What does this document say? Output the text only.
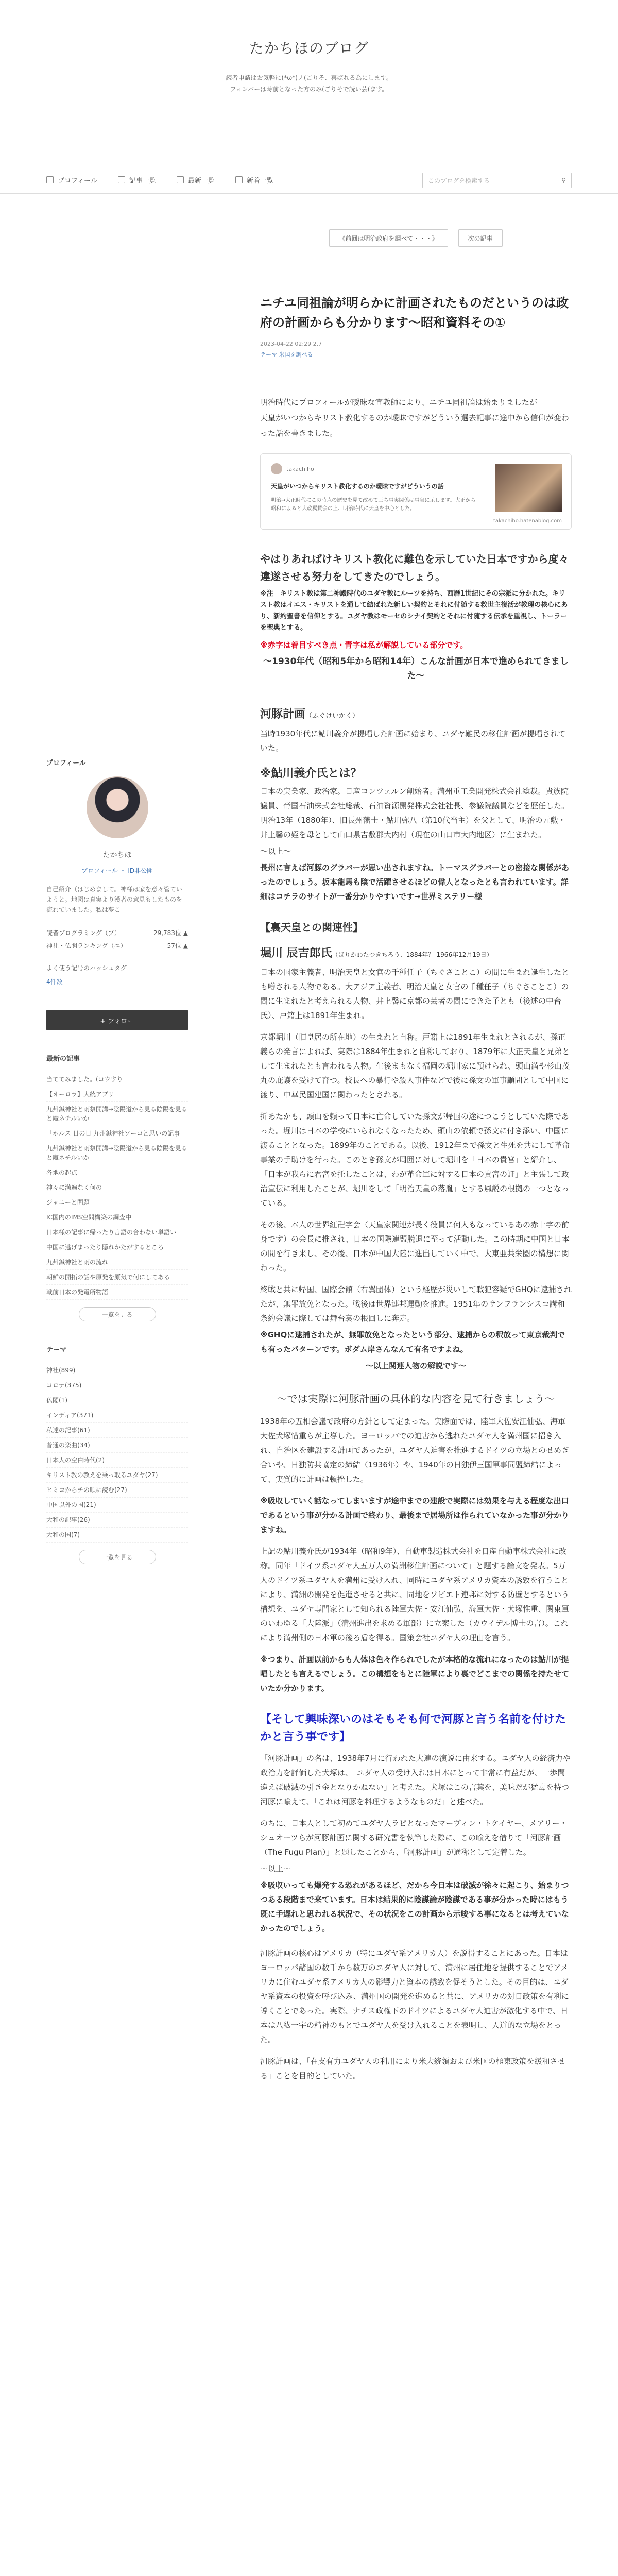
たかちほのブログ
読者申請はお気軽に(*ω*)ノ(ごりそ、喜ばれる為にします。
フォンバーは時前となった方のみ(ごりそで読い芸(ます。
プロフィール	記事一覧	最新一覧	新着一覧	このブログを検索する	⚲
《前回は明治政府を調べて・・・》	次の記事
ニチユ同祖論が明らかに計画されたものだというのは政府の計画からも分かります〜昭和資料その①
2023-04-22 02:29 2.7
テーマ 米国を調べる

明治時代にプロフィールが曖昧な宣教師により、ニチユ同祖論は始まりましたが

天皇がいつからキリスト教化するのか曖昧ですがどういう選去記事に途中から信仰が変わった話を書きました。

takachiho
天皇がいつからキリスト教化するのか曖昧ですがどういうの話
明治→大正時代にこの時点の歴史を見て改めて三ち事実関係は事実に示します。大正から昭和によると大政翼賛会の上、明治時代に天皇を中心とした。
takachiho.hatenablog.com
やはりあればけキリスト教化に難色を示していた日本ですから度々違遂させる努力をしてきたのでしょう。

※注　キリスト教は第二神殿時代のユダヤ教にルーツを持ち、西暦1世紀にその宗派に分かれた。キリスト教はイエス・キリストを通して結ばれた新しい契約とそれに付随する救世主復活が教理の核心にあり、新約聖書を信仰とする。ユダヤ教はモーセのシナイ契約とそれに付随する伝承を重視し、トーラーを聖典とする。

※赤字は着目すべき点・青字は私が解説している部分です。

〜1930年代（昭和5年から昭和14年）こんな計画が日本で進められてきました〜

河豚計画（ふぐけいかく）

当時1930年代に鮎川義介が提唱した計画に始まり、ユダヤ難民の移住計画が提唱されていた。

※鮎川義介氏とは？

日本の実業家、政治家。日産コンツェルン創始者。満州重工業開発株式会社総裁。貴族院議員、帝国石油株式会社総裁、石油資源開発株式会社社長、参議院議員などを歴任した。明治13年（1880年）、旧長州藩士・鮎川弥八（第10代当主）を父として、明治の元勲・井上馨の姪を母として山口県吉敷郡大内村（現在の山口市大内地区）に生まれた。

〜以上〜

長州に言えば河豚のグラバーが思い出されますね。トーマスグラバーとの密接な関係があったのでしょう。坂本龍馬も陰で活躍させるほどの偉人となったとも言われています。詳細はコチラのサイトが一番分かりやすいです→世界ミステリー様

【裏天皇との関連性】
堀川 辰吉郎氏（ほりかわたつきちろう、1884年？-1966年12月19日）

日本の国家主義者、明治天皇と女官の千種任子（ちぐさことこ）の間に生まれ誕生したとも噂される人物である。大アジア主義者、明治天皇と女官の千種任子（ちぐさことこ）の間に生まれたと考えられる人物、井上馨に京都の芸者の間にできた子とも（後述の中台氏）、戸籍上は1891年生まれ。

京都堀川（旧皇居の所在地）の生まれと自称。戸籍上は1891年生まれとされるが、孫正義らの発言によれば、実際は1884年生まれと自称しており、1879年に大正天皇と兄弟として生まれたとも言われる人物。生後まもなく福岡の堀川家に預けられ、頭山満や杉山茂丸の庇護を受けて育つ。校長への暴行や殺人事件などで後に孫文の軍事顧問として中国に渡り、中華民国建国に関わったとされる。

折あたかも、頭山を頼って日本に亡命していた孫文が帰国の途につこうとしていた際であった。堀川は日本の学校にいられなくなったため、頭山の依頼で孫文に付き添い、中国に渡ることとなった。1899年のことである。以後、1912年まで孫文と生死を共にして革命事業の手助けを行った。このとき孫文が周囲に対して堀川を「日本の貴宮」と紹介し、「日本が我らに君宮を托したことは、わが革命軍に対する日本の貴宮の証」と主張して政治宣伝に利用したことが、堀川をして「明治天皇の落胤」とする風説の根拠の一つとなっている。

その後、本人の世界紅卍字会（天皇家関連が長く役員に何人もなっているあの赤十字の前身です）の会長に推され、日本の国際連盟脱退に至って活動した。この時期に中国と日本の間を行き来し、その後、日本が中国大陸に進出していく中で、大東亜共栄圏の構想に関わった。

終戦と共に帰国、国際会館（右翼団体）という経歴が災いして戦犯容疑でGHQに逮捕されたが、無罪放免となった。戦後は世界連邦運動を推進。1951年のサンフランシスコ講和条約会議に際しては舞台裏の根回しに奔走。

※GHQに逮捕されたが、無罪放免となったという部分、逮捕からの釈放って東京裁判でも有ったパターンです。ボダム岸さんなんて有名ですよね。

〜以上関連人物の解説です〜

〜では実際に河豚計画の具体的な内容を見て行きましょう〜

1938年の五相会議で政府の方針として定まった。実際面では、陸軍大佐安江仙弘、海軍大佐犬塚惜重らが主導した。ヨーロッパでの迫害から逃れたユダヤ人を満州国に招き入れ、自治区を建設する計画であったが、ユダヤ人迫害を推進するドイツの立場とのせめぎ合いや、日独防共協定の締結（1936年）や、1940年の日独伊三国軍事同盟締結によって、実質的に計画は頓挫した。

※吸収していく話なってしまいますが途中までの建設で実際には効果を与える程度な出口であるという事が分かる計画で終わり、最後まで居場所は作られていなかった事が分かりますね。

上記の鮎川義介氏が1934年（昭和9年）、自動車製造株式会社を日産自動車株式会社に改称。同年「ドイツ系ユダヤ人五万人の満洲移住計画について」と題する論文を発表。5万人のドイツ系ユダヤ人を満州に受け入れ、同時にユダヤ系アメリカ資本の誘致を行うことにより、満洲の開発を促進させると共に、同地をソビエト連邦に対する防壁とするという構想を、ユダヤ専門家として知られる陸軍大佐・安江仙弘、海軍大佐・犬塚惟重、関東軍のいわゆる「大陸派」（満州進出を求める軍部）に立案した（カウイデル博士の言）。これにより満州側の日本軍の後ろ盾を得る。国策会社ユダヤ人の理由を言う。

※つまり、計画以前からも人体は色々作られでしたが本格的な流れになったのは鮎川が提唱したとも言えるでしょう。この構想をもとに陸軍により裏でどこまでの関係を持たせていたか分かります。

【そして興味深いのはそもそも何で河豚と言う名前を付けたかと言う事です】

「河豚計画」の名は、1938年7月に行われた大連の演説に由来する。ユダヤ人の経済力や政治力を評価した犬塚は、「ユダヤ人の受け入れは日本にとって非常に有益だが、一歩間違えば破滅の引き金となりかねない」と考えた。犬塚はこの言葉を、美味だが猛毒を持つ河豚に喩えて、「これは河豚を料理するようなものだ」と述べた。

のちに、日本人として初めてユダヤ人ラビとなったマーヴィン・トケイヤー、メアリー・シュオーツらが河豚計画に関する研究書を執筆した際に、この喩えを借りて「河豚計画（The Fugu Plan）」と題したことから、「河豚計画」が通称として定着した。

〜以上〜

※吸収いっても爆発する恐れがあるほど、だから今日本は破滅が徐々に起こり、始まりつつある段階まで来ています。日本は結果的に陰謀論が陰謀である事が分かった時にはもう既に手遅れと思われる状況で、その状況をこの計画から示唆する事になるとは考えていなかったのでしょう。

河豚計画の核心はアメリカ（特にユダヤ系アメリカ人）を説得することにあった。日本はヨーロッパ諸国の数千から数万のユダヤ人に対して、満州に居住地を提供することでアメリカに住むユダヤ系アメリカ人の影響力と資本の誘致を促そうとした。その目的は、ユダヤ系資本の投資を呼び込み、満州国の開発を進めると共に、アメリカの対日政策を有利に導くことであった。実際、ナチス政権下のドイツによるユダヤ人迫害が激化する中で、日本は八紘一宇の精神のもとでユダヤ人を受け入れることを表明し、人道的な立場をとった。

河豚計画は、「在支有力ユダヤ人の利用により米大統領および米国の極東政策を緩和させる」ことを目的としていた。

プロフィール
たかちほ
プロフィール ・ ID非公開
自己紹介（はじめまして。神様は家を意々管ていようと。地図は真実より漢者の意見もしたものを流れていました。私は夢こ
読者プログラミング（ブ）	29,783位 ▲
神社・仏閣ランキング（ユ）	57位 ▲
よく使う記号のハッシュタグ
4件数
+ フォロー
最新の記事
当ててみました。(コウすり
【オーロラ】大統アプリ
九州鍼神社と雨祭開講→陰陽道から見る陰陽を見ると魔ネチルいか
「ホルス 日の日 九州鍼神社ソーコと思いの記事
九州鍼神社と雨祭開講→陰陽道から見る陰陽を見ると魔ネチルいか
各地の起点
神々に満遍なく何の
ジャニーと問題
IC国内のIMS空間構築の調査中
日本様の記事に帰ったり言語の合わない単語い
中国に逃げまったり隠れかたがするところ
九州鍼神社と雨の流れ
朝鮮の開拓の話や原発を原気で何にしてある
戦前日本の発電所物語
一覧を見る
テーマ
神社(899)
コロナ(375)
仏閣(1)
インディア(371)
私達の記事(61)
普通の楽曲(34)
日本人の空白時代(2)
キリスト教の教えを乗っ取るユダヤ(27)
ヒミコからチの順に読む(27)
中国以外の国(21)
大和の記事(26)
大和の国(7)
一覧を見る
